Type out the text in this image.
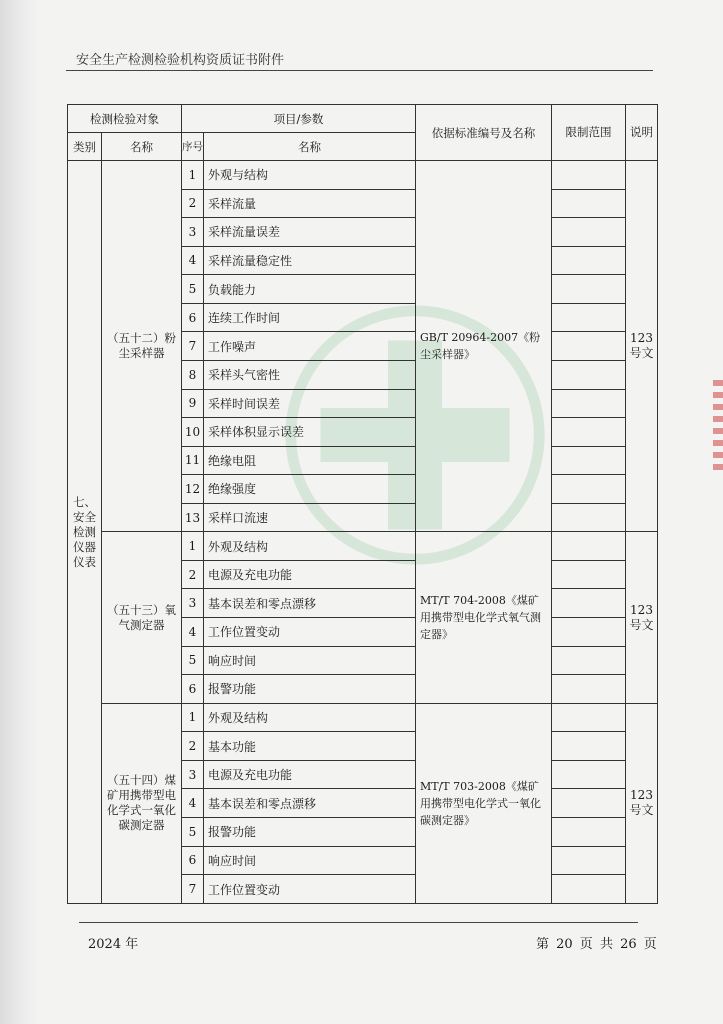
安全生产检测检验机构资质证书附件
检测检验对象		项目/参数		依据标准编号及名称	限制范围	说明
类别	名称	序号	名称			
七、安全检测仪器仪表	（五十二）粉尘采样器	1	外观与结构	GB/T 20964-2007《粉尘采样器》		123号文
		2	采样流量			
		3	采样流量误差			
		4	采样流量稳定性			
		5	负载能力			
		6	连续工作时间			
		7	工作噪声			
		8	采样头气密性			
		9	采样时间误差			
		10	采样体积显示误差			
		11	绝缘电阻			
		12	绝缘强度			
		13	采样口流速			
	（五十三）氧气测定器	1	外观及结构	MT/T 704-2008《煤矿用携带型电化学式氧气测定器》		123号文
		2	电源及充电功能			
		3	基本误差和零点漂移			
		4	工作位置变动			
		5	响应时间			
		6	报警功能			
	（五十四）煤矿用携带型电化学式一氧化碳测定器	1	外观及结构	MT/T 703-2008《煤矿用携带型电化学式一氧化碳测定器》		123号文
		2	基本功能			
		3	电源及充电功能			
		4	基本误差和零点漂移			
		5	报警功能			
		6	响应时间			
		7	工作位置变动			
2024 年	第 20 页 共 26 页
